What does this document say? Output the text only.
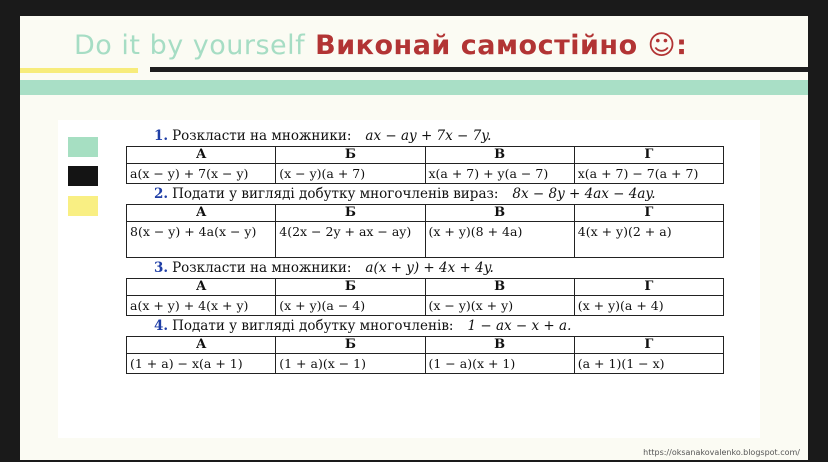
Do it by yourself Виконай самостійно ☺:
1. Розкласти на множники: ax − ay + 7x − 7y.
А	Б	В	Г
a(x − y) + 7(x − y)	(x − y)(a + 7)	x(a + 7) + y(a − 7)	x(a + 7) − 7(a + 7)
2. Подати у вигляді добутку многочленів вираз: 8x − 8y + 4ax − 4ay.
А	Б	В	Г
8(x − y) + 4a(x − y)	4(2x − 2y + ax − ay)	(x + y)(8 + 4a)	4(x + y)(2 + a)
3. Розкласти на множники: a(x + y) + 4x + 4y.
А	Б	В	Г
a(x + y) + 4(x + y)	(x + y)(a − 4)	(x − y)(x + y)	(x + y)(a + 4)
4. Подати у вигляді добутку многочленів: 1 − ax − x + a.
А	Б	В	Г
(1 + a) − x(a + 1)	(1 + a)(x − 1)	(1 − a)(x + 1)	(a + 1)(1 − x)
https://oksanakovalenko.blogspot.com/
